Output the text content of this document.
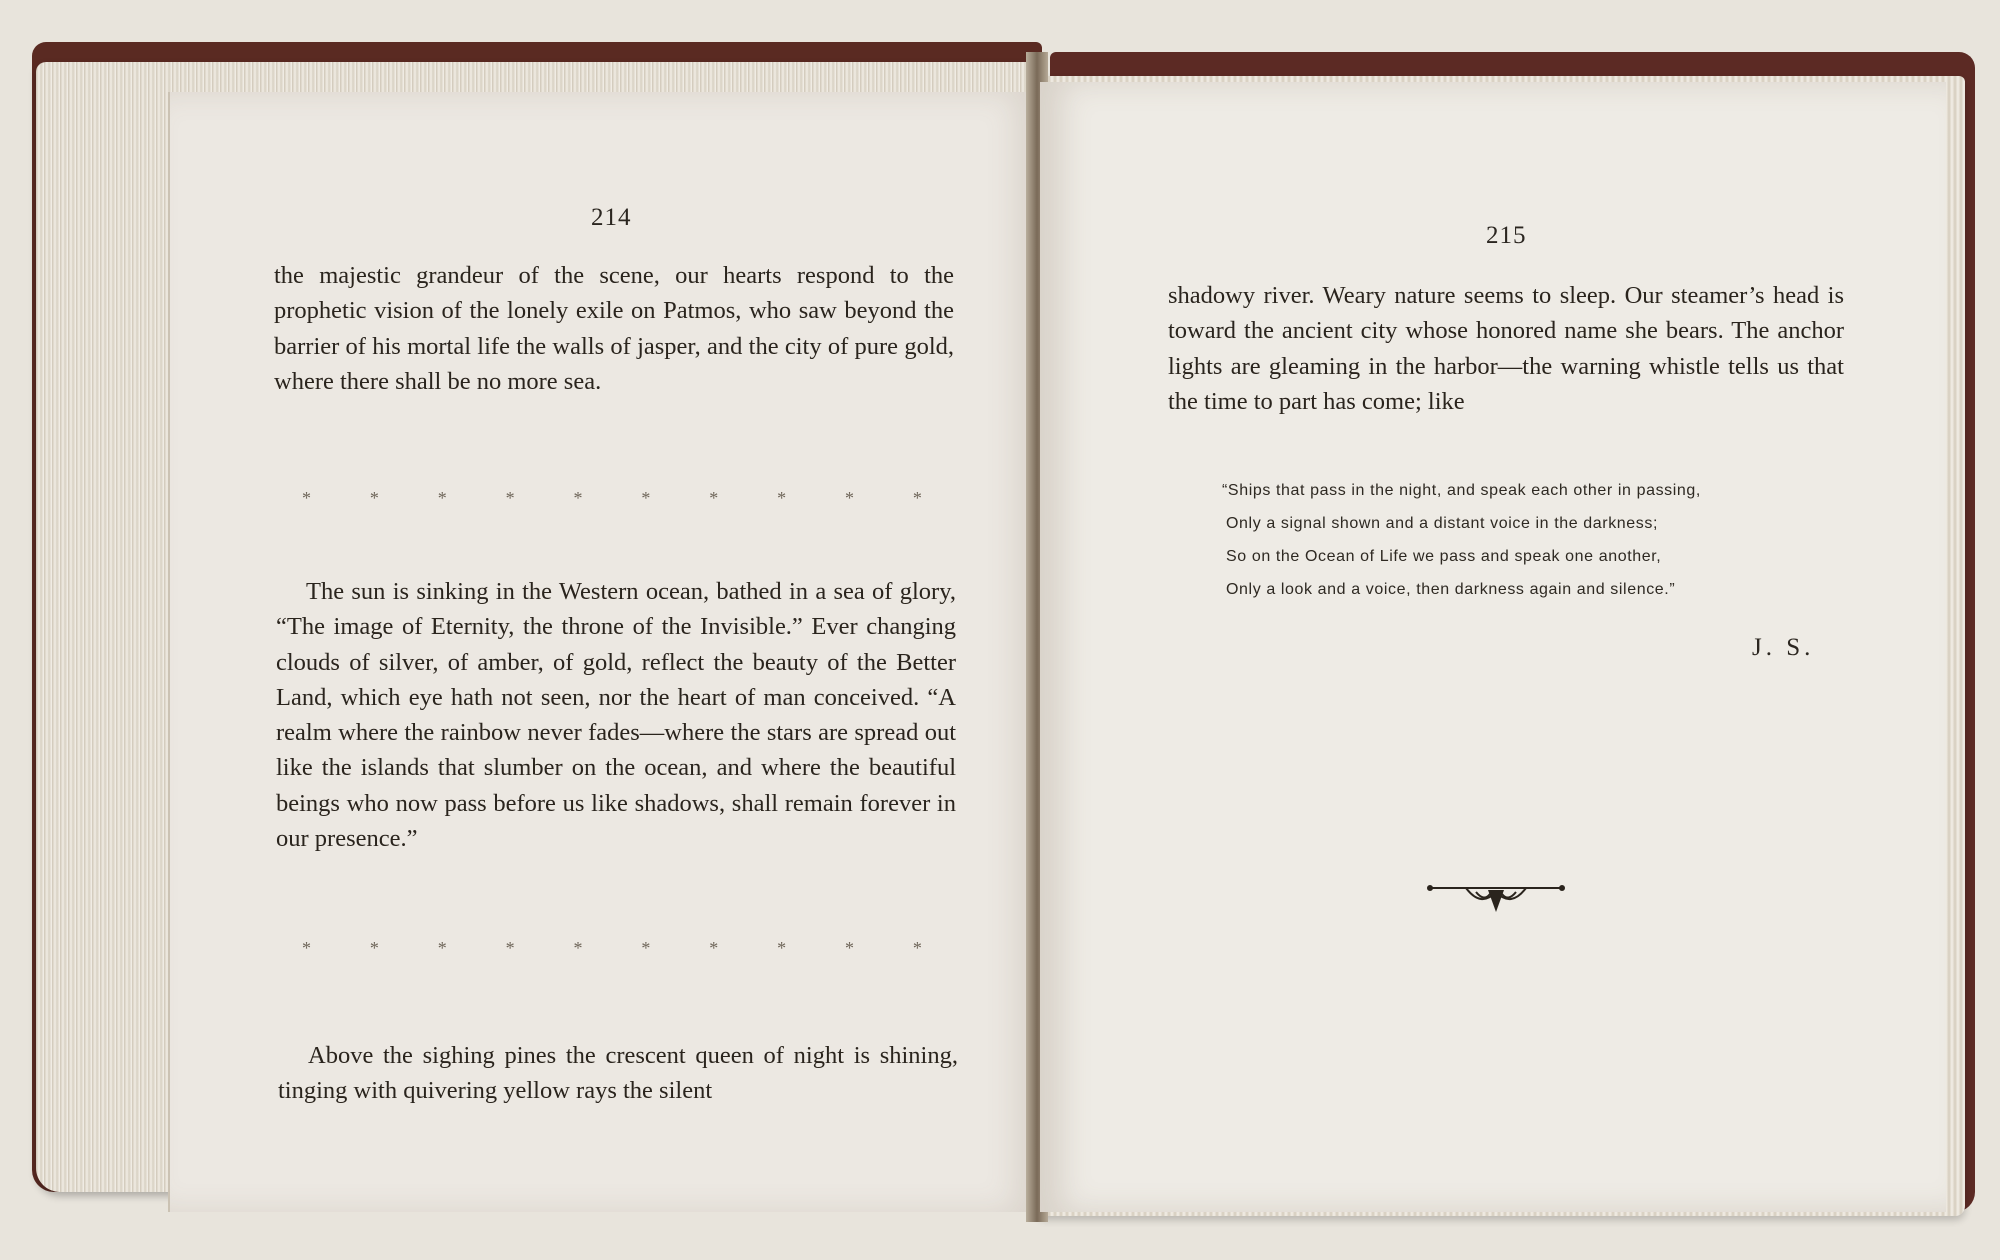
214
the majestic grandeur of the scene, our hearts respond to the prophetic vision of the lonely exile on Patmos, who saw beyond the barrier of his mortal life the walls of jasper, and the city of pure gold, where there shall be no more sea.
*	*	*	*	*	*	*	*	*	*
The sun is sinking in the Western ocean, bathed in a sea of glory, “The image of Eternity, the throne of the Invisible.” Ever changing clouds of silver, of amber, of gold, reflect the beauty of the Better Land, which eye hath not seen, nor the heart of man conceived. “A realm where the rainbow never fades—where the stars are spread out like the islands that slumber on the ocean, and where the beautiful beings who now pass before us like shadows, shall remain forever in our presence.”
*	*	*	*	*	*	*	*	*	*
Above the sighing pines the crescent queen of night is shining, tinging with quivering yellow rays the silent
215
shadowy river. Weary nature seems to sleep. Our steamer’s head is toward the ancient city whose honored name she bears. The anchor lights are gleaming in the harbor—the warning whistle tells us that the time to part has come; like
“Ships that pass in the night, and speak each other in passing,
Only a signal shown and a distant voice in the darkness;
So on the Ocean of Life we pass and speak one another,
Only a look and a voice, then darkness again and silence.”
J. S.
